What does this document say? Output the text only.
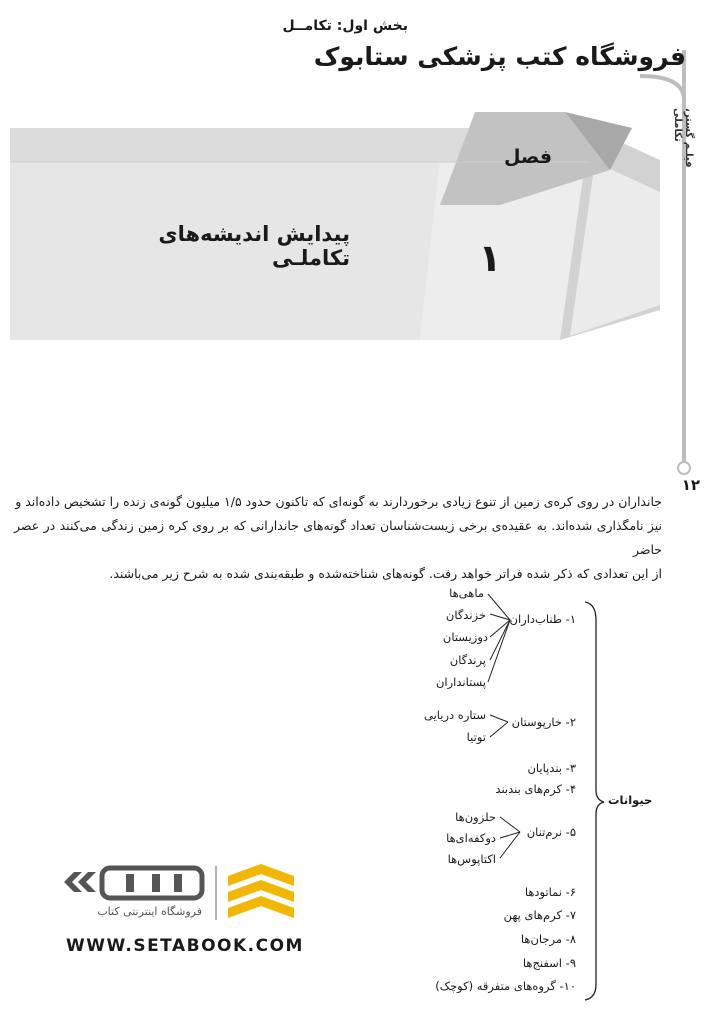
بخش اول: تکامــل
فروشگاه کتب پزشکی ستابوک
فیلـم گستر، تکاملی
فصل
۱
پیدایش اندیشه‌های تکاملـی
۱۲

جانداران در روی کره‌ی زمین از تنوع زیادی برخوردارند به گونه‌ای که تاکنون حدود ۱/۵ میلیون گونه‌ی زنده را تشخیص داده‌اند و

نیز نامگذاری شده‌اند. به عقیده‌ی برخی زیست‌شناسان تعداد گونه‌های جاندارانی که بر روی کره زمین زندگی می‌کنند در عصر حاضر

از این تعدادی که ذکر شده فراتر خواهد رفت. گونه‌های شناخته‌شده و طبقه‌بندی شده به شرح زیر می‌باشند.

حیوانات
۱- طناب‌داران
ماهی‌ها
خزندگان
دوزیستان
پرندگان
پستانداران
۲- خارپوستان
ستاره دریایی
توتیا
۳- بندپایان
۴- کرم‌های بندبند
۵- نرم‌تنان
حلزون‌ها
دوکفه‌ای‌ها
اکتاپوس‌ها
۶- نماتودها
۷- کرم‌های پهن
۸- مرجان‌ها
۹- اسفنج‌ها
۱۰- گروه‌های متفرقه (کوچک)
فروشگاه اینترنتی کتاب
WWW.SETABOOK.COM
